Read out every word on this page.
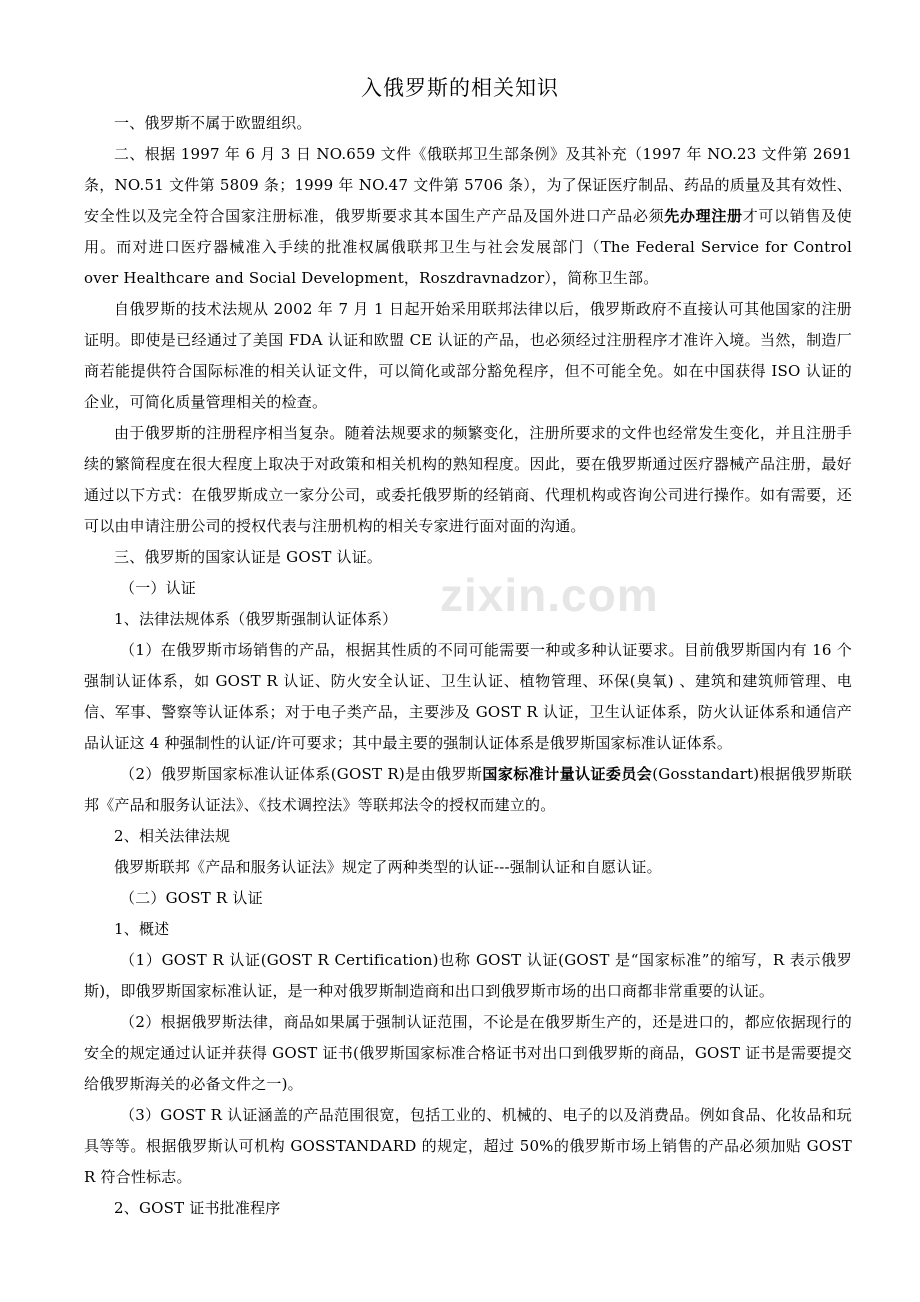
zixin.com
入俄罗斯的相关知识

一、俄罗斯不属于欧盟组织。

二、根据 1997 年 6 月 3 日 NO.659 文件《俄联邦卫生部条例》及其补充（1997 年 NO.23 文件第 2691 条，NO.51 文件第 5809 条；1999 年 NO.47 文件第 5706 条），为了保证医疗制品、药品的质量及其有效性、安全性以及完全符合国家注册标准，俄罗斯要求其本国生产产品及国外进口产品必须先办理注册才可以销售及使用。而对进口医疗器械准入手续的批准权属俄联邦卫生与社会发展部门（The Federal Service for Control over Healthcare and Social Development，Roszdravnadzor），简称卫生部。

自俄罗斯的技术法规从 2002 年 7 月 1 日起开始采用联邦法律以后，俄罗斯政府不直接认可其他国家的注册证明。即使是已经通过了美国 FDA 认证和欧盟 CE 认证的产品，也必须经过注册程序才准许入境。当然，制造厂商若能提供符合国际标准的相关认证文件，可以简化或部分豁免程序，但不可能全免。如在中国获得 ISO 认证的企业，可简化质量管理相关的检查。

由于俄罗斯的注册程序相当复杂。随着法规要求的频繁变化，注册所要求的文件也经常发生变化，并且注册手续的繁简程度在很大程度上取决于对政策和相关机构的熟知程度。因此，要在俄罗斯通过医疗器械产品注册，最好通过以下方式：在俄罗斯成立一家分公司，或委托俄罗斯的经销商、代理机构或咨询公司进行操作。如有需要，还可以由申请注册公司的授权代表与注册机构的相关专家进行面对面的沟通。

三、俄罗斯的国家认证是 GOST 认证。

（一）认证

1、法律法规体系（俄罗斯强制认证体系）

（1）在俄罗斯市场销售的产品，根据其性质的不同可能需要一种或多种认证要求。目前俄罗斯国内有 16 个强制认证体系，如 GOST R 认证、防火安全认证、卫生认证、植物管理、环保(臭氧) 、建筑和建筑师管理、电信、军事、警察等认证体系；对于电子类产品，主要涉及 GOST R 认证，卫生认证体系，防火认证体系和通信产品认证这 4 种强制性的认证/许可要求；其中最主要的强制认证体系是俄罗斯国家标准认证体系。

（2）俄罗斯国家标准认证体系(GOST R)是由俄罗斯国家标准计量认证委员会(Gosstandart)根据俄罗斯联邦《产品和服务认证法》、《技术调控法》等联邦法令的授权而建立的。

2、相关法律法规

俄罗斯联邦《产品和服务认证法》规定了两种类型的认证---强制认证和自愿认证。

（二）GOST R 认证

1、概述

（1）GOST R 认证(GOST R Certification)也称 GOST 认证(GOST 是“国家标准”的缩写，R 表示俄罗斯)，即俄罗斯国家标准认证，是一种对俄罗斯制造商和出口到俄罗斯市场的出口商都非常重要的认证。

（2）根据俄罗斯法律，商品如果属于强制认证范围，不论是在俄罗斯生产的，还是进口的，都应依据现行的安全的规定通过认证并获得 GOST 证书(俄罗斯国家标准合格证书对出口到俄罗斯的商品，GOST 证书是需要提交给俄罗斯海关的必备文件之一)。

（3）GOST R 认证涵盖的产品范围很宽，包括工业的、机械的、电子的以及消费品。例如食品、化妆品和玩具等等。根据俄罗斯认可机构 GOSSTANDARD 的规定，超过 50%的俄罗斯市场上销售的产品必须加贴 GOST R 符合性标志。

2、GOST 证书批准程序
